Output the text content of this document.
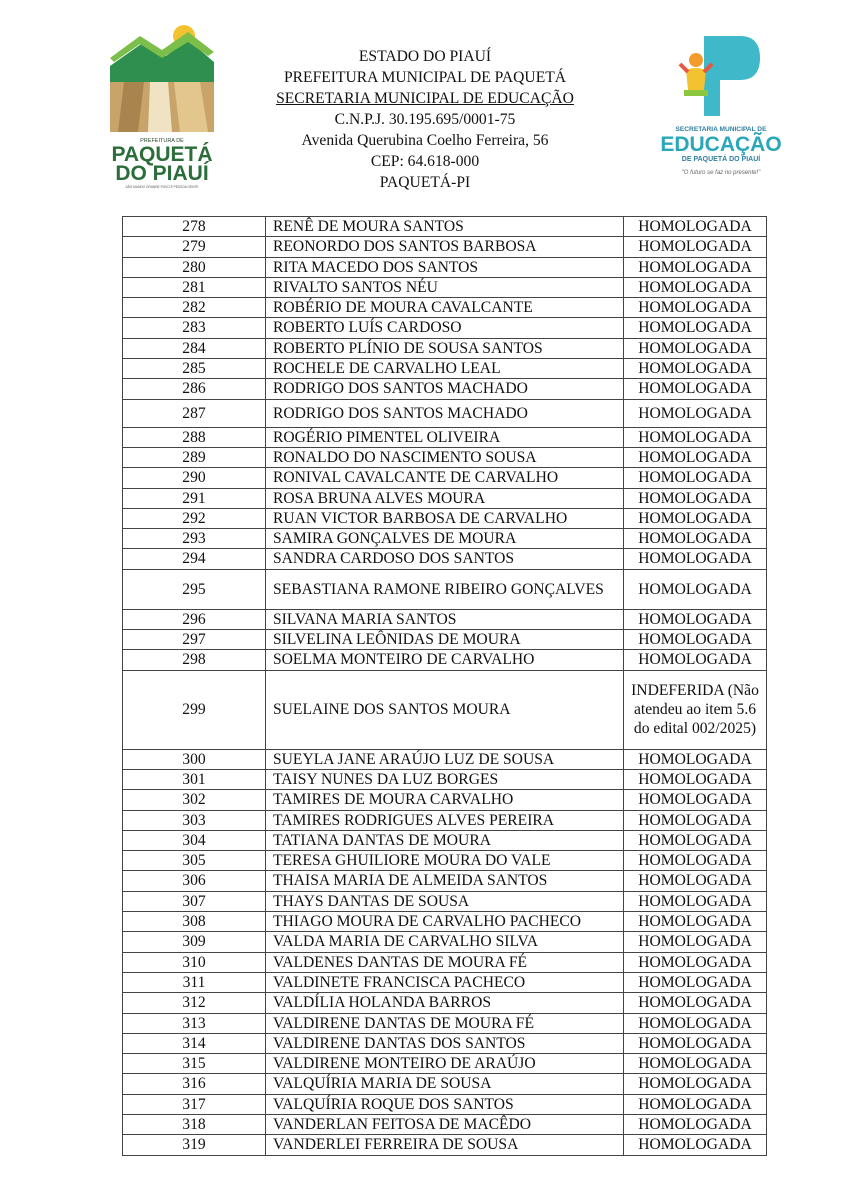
PREFEITURA DE
PAQUETÁ
DO PIAUÍ
SÃO MUNDO GRANDE POVO É PESSOA GENTE
ESTADO DO PIAUÍ
PREFEITURA MUNICIPAL DE PAQUETÁ
SECRETARIA MUNICIPAL DE EDUCAÇÃO
C.N.P.J. 30.195.695/0001-75
Avenida Querubina Coelho Ferreira, 56
CEP: 64.618-000
PAQUETÁ-PI
SECRETARIA MUNICIPAL DE
EDUCAÇÃO
DE PAQUETÁ DO PIAUÍ
"O futuro se faz no presente!"
278	RENÊ DE MOURA SANTOS	HOMOLOGADA
279	REONORDO DOS SANTOS BARBOSA	HOMOLOGADA
280	RITA MACEDO DOS SANTOS	HOMOLOGADA
281	RIVALTO SANTOS NÉU	HOMOLOGADA
282	ROBÉRIO DE MOURA CAVALCANTE	HOMOLOGADA
283	ROBERTO LUÍS CARDOSO	HOMOLOGADA
284	ROBERTO PLÍNIO DE SOUSA SANTOS	HOMOLOGADA
285	ROCHELE DE CARVALHO LEAL	HOMOLOGADA
286	RODRIGO DOS SANTOS MACHADO	HOMOLOGADA
287	RODRIGO DOS SANTOS MACHADO	HOMOLOGADA
288	ROGÉRIO PIMENTEL OLIVEIRA	HOMOLOGADA
289	RONALDO DO NASCIMENTO SOUSA	HOMOLOGADA
290	RONIVAL CAVALCANTE DE CARVALHO	HOMOLOGADA
291	ROSA BRUNA ALVES MOURA	HOMOLOGADA
292	RUAN VICTOR BARBOSA DE CARVALHO	HOMOLOGADA
293	SAMIRA GONÇALVES DE MOURA	HOMOLOGADA
294	SANDRA CARDOSO DOS SANTOS	HOMOLOGADA
295	SEBASTIANA RAMONE RIBEIRO GONÇALVES	HOMOLOGADA
296	SILVANA MARIA SANTOS	HOMOLOGADA
297	SILVELINA LEÔNIDAS DE MOURA	HOMOLOGADA
298	SOELMA MONTEIRO DE CARVALHO	HOMOLOGADA
299	SUELAINE DOS SANTOS MOURA	INDEFERIDA (Não atendeu ao item 5.6 do edital 002/2025)
300	SUEYLA JANE ARAÚJO LUZ DE SOUSA	HOMOLOGADA
301	TAISY NUNES DA LUZ BORGES	HOMOLOGADA
302	TAMIRES DE MOURA CARVALHO	HOMOLOGADA
303	TAMIRES RODRIGUES ALVES PEREIRA	HOMOLOGADA
304	TATIANA DANTAS DE MOURA	HOMOLOGADA
305	TERESA GHUILIORE MOURA DO VALE	HOMOLOGADA
306	THAISA MARIA DE ALMEIDA SANTOS	HOMOLOGADA
307	THAYS DANTAS DE SOUSA	HOMOLOGADA
308	THIAGO MOURA DE CARVALHO PACHECO	HOMOLOGADA
309	VALDA MARIA DE CARVALHO SILVA	HOMOLOGADA
310	VALDENES DANTAS DE MOURA FÉ	HOMOLOGADA
311	VALDINETE FRANCISCA PACHECO	HOMOLOGADA
312	VALDÍLIA HOLANDA BARROS	HOMOLOGADA
313	VALDIRENE DANTAS DE MOURA FÉ	HOMOLOGADA
314	VALDIRENE DANTAS DOS SANTOS	HOMOLOGADA
315	VALDIRENE MONTEIRO DE ARAÚJO	HOMOLOGADA
316	VALQUÍRIA MARIA DE SOUSA	HOMOLOGADA
317	VALQUÍRIA ROQUE DOS SANTOS	HOMOLOGADA
318	VANDERLAN FEITOSA DE MACÊDO	HOMOLOGADA
319	VANDERLEI FERREIRA DE SOUSA	HOMOLOGADA
